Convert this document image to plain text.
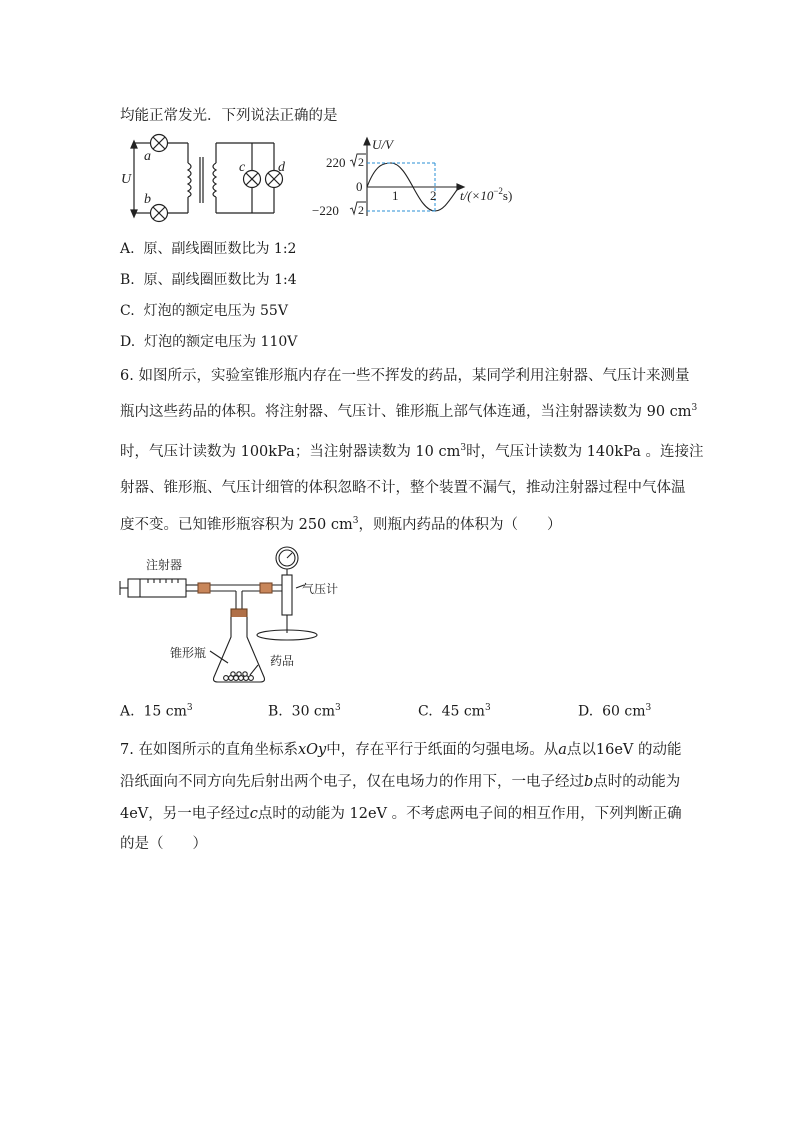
均能正常发光．下列说法正确的是
a
b
c d
U
U/V
220
0
−220
1 2 $t/(\times 10^{-2}s)$
2
2
A. 原、副线圈匝数比为 1:2
B. 原、副线圈匝数比为 1:4
C. 灯泡的额定电压为 55V
D. 灯泡的额定电压为 110V
6. 如图所示，实验室锥形瓶内存在一些不挥发的药品，某同学利用注射器、气压计来测量
瓶内这些药品的体积。将注射器、气压计、锥形瓶上部气体连通，当注射器读数为 90 $cm^3$
时，气压计读数为 100kPa；当注射器读数为 10 $cm^3$时，气压计读数为 140kPa 。连接注
射器、锥形瓶、气压计细管的体积忽略不计，整个装置不漏气，推动注射器过程中气体温
度不变。已知锥形瓶容积为 250 $cm^3$，则瓶内药品的体积为（　　）
注射器
气压计
锥形瓶
药品
A. 15 $cm^3$	B. 30 $cm^3$	C. 45 $cm^3$	D. 60 $cm^3$
7. 在如图所示的直角坐标系xOy中，存在平行于纸面的匀强电场。从a点以16eV 的动能
沿纸面向不同方向先后射出两个电子，仅在电场力的作用下，一电子经过b点时的动能为
4eV，另一电子经过c点时的动能为 12eV 。不考虑两电子间的相互作用，下列判断正确
的是（　　）
